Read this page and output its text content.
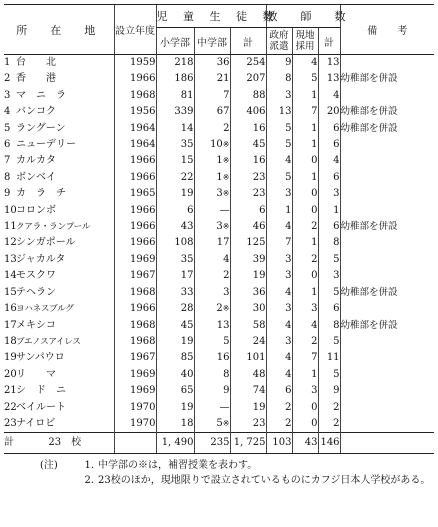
所　在　地		設立年度	児 童 生 徒 数			教　師　数			備　　考
			小学部	中学部	計	政府派遣	現地採用	計	
1	台　　北	1959	218	36	254	9	4	13	
2	香　　港	1966	186	21	207	8	5	13	幼稚部を併設
3	マ　ニ　ラ	1968	81	7	88	3	1	4	
4	バンコク	1956	339	67	406	13	7	20	幼稚部を併設
5	ラングーン	1964	14	2	16	5	1	6	幼稚部を併設
6	ニューデリー	1964	35	10※	45	5	1	6	
7	カルカタ	1966	15	1※	16	4	0	4	
8	ボンベイ	1966	22	1※	23	5	1	6	
9	カ　ラ　チ	1965	19	3※	23	3	0	3	
10	コロンボ	1966	6	—	6	1	0	1	
11	クアラ・ランプール	1966	43	3※	46	4	2	6	幼稚部を併設
12	シンガポール	1966	108	17	125	7	1	8	
13	ジャカルタ	1969	35	4	39	3	2	5	
14	モスクワ	1967	17	2	19	3	0	3	
15	テヘラン	1968	33	3	36	4	1	5	幼稚部を併設
16	ヨハネスブルグ	1966	28	2※	30	3	3	6	
17	メキシコ	1968	45	13	58	4	4	8	幼稚部を併設
18	ブエノスアイレス	1968	19	5	24	3	2	5	
19	サンパウロ	1967	85	16	101	4	7	11	
20	リ　　マ	1969	40	8	48	4	1	5	
21	シ　ド　ニ	1969	65	9	74	6	3	9	
22	ベイルート	1970	19	—	19	2	0	2	
23	ナイロビ	1970	18	5※	23	2	0	2	
計	23　校		1, 490	235	1, 725	103	43	146	
(注)	1. 中学部の※は，補習授業を表わす。
2. 23校のほか，現地限りで設立されているものにカフジ日本人学校がある。
